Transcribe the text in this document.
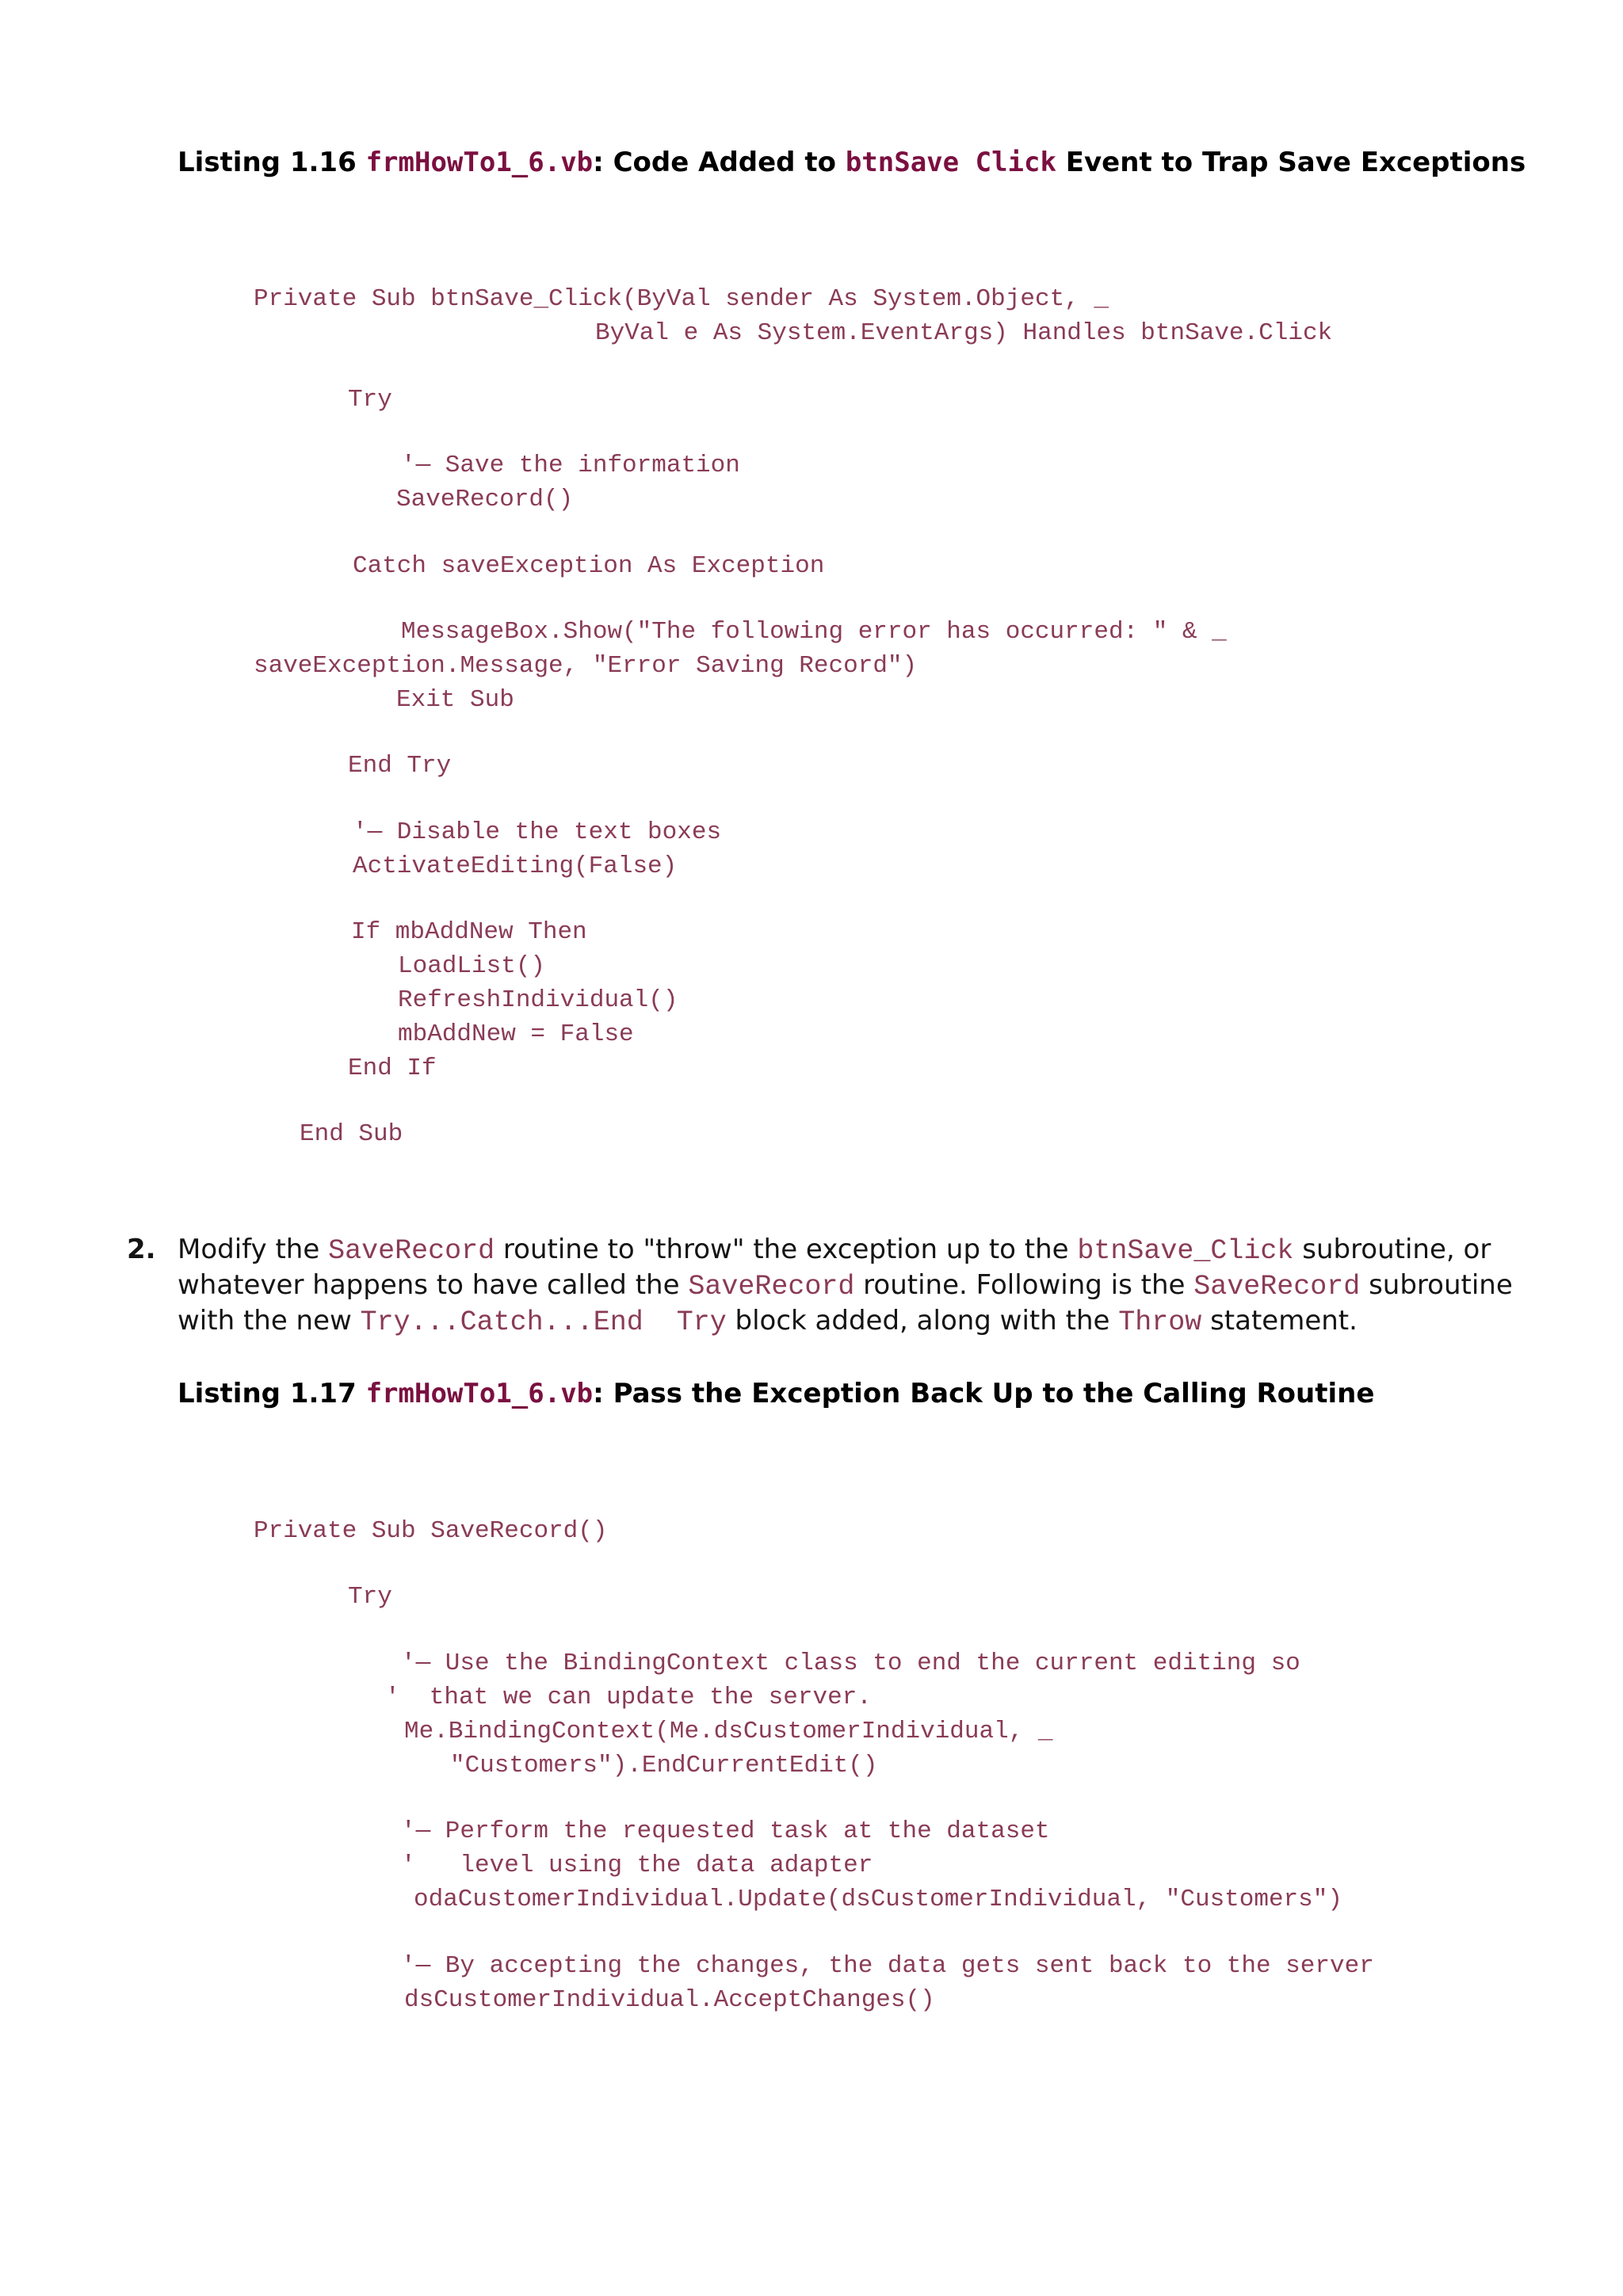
Listing 1.16 frmHowTo1_6.vb: Code Added to btnSave Click Event to Trap Save Exceptions
Private Sub btnSave_Click(ByVal sender As System.Object, _
ByVal e As System.EventArgs) Handles btnSave.Click
Try
'— Save the information
SaveRecord()
Catch saveException As Exception
MessageBox.Show("The following error has occurred: " & _
saveException.Message, "Error Saving Record")
Exit Sub
End Try
'— Disable the text boxes
ActivateEditing(False)
If mbAddNew Then
LoadList()
RefreshIndividual()
mbAddNew = False
End If
End Sub
2. Modify the SaveRecord routine to "throw" the exception up to the btnSave_Click subroutine, or whatever happens to have called the SaveRecord routine. Following is the SaveRecord subroutine with the new Try...Catch...End  Try block added, along with the Throw statement.
Listing 1.17 frmHowTo1_6.vb: Pass the Exception Back Up to the Calling Routine
Private Sub SaveRecord()
Try
'— Use the BindingContext class to end the current editing so
'  that we can update the server.
Me.BindingContext(Me.dsCustomerIndividual, _
"Customers").EndCurrentEdit()
'— Perform the requested task at the dataset
'   level using the data adapter
odaCustomerIndividual.Update(dsCustomerIndividual, "Customers")
'— By accepting the changes, the data gets sent back to the server
dsCustomerIndividual.AcceptChanges()
